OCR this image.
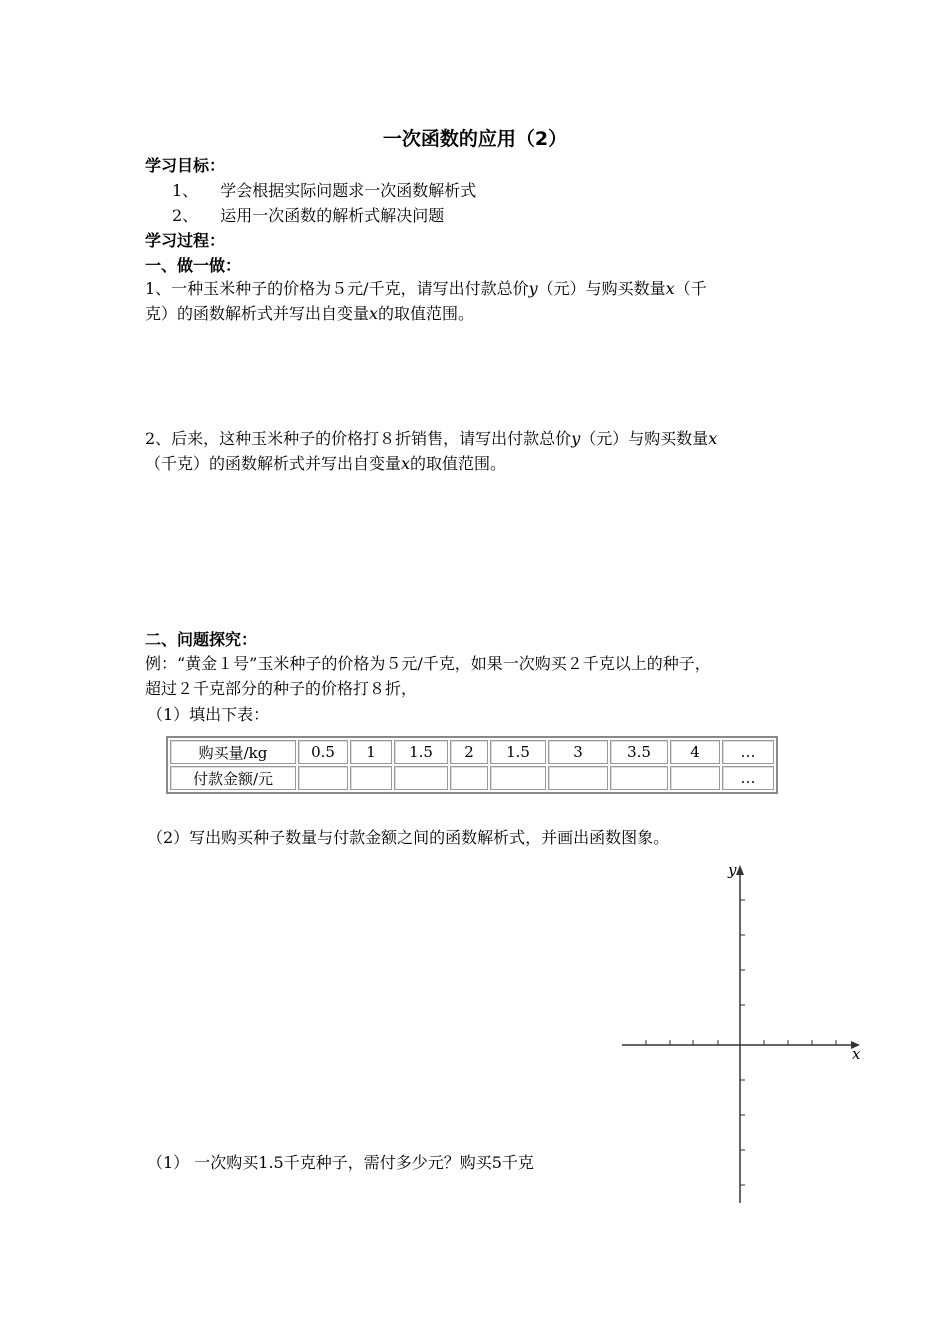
一次函数的应用（2）
学习目标：
1、 学会根据实际问题求一次函数解析式
2、 运用一次函数的解析式解决问题
学习过程：
一、做一做：
1、一种玉米种子的价格为５元/千克，请写出付款总价y（元）与购买数量x（千
克）的函数解析式并写出自变量x的取值范围。
2、后来，这种玉米种子的价格打８折销售，请写出付款总价y（元）与购买数量x
（千克）的函数解析式并写出自变量x的取值范围。
二、问题探究：
例：“黄金１号”玉米种子的价格为５元/千克，如果一次购买２千克以上的种子，
超过２千克部分的种子的价格打８折，
（1）填出下表：
购买量/kg	0.5	1	1.5	2	1.5	3	3.5	4	…
付款金额/元									…
（2）写出购买种子数量与付款金额之间的函数解析式，并画出函数图象。
y
x
（1） 一次购买1.5千克种子，需付多少元？购买5千克
